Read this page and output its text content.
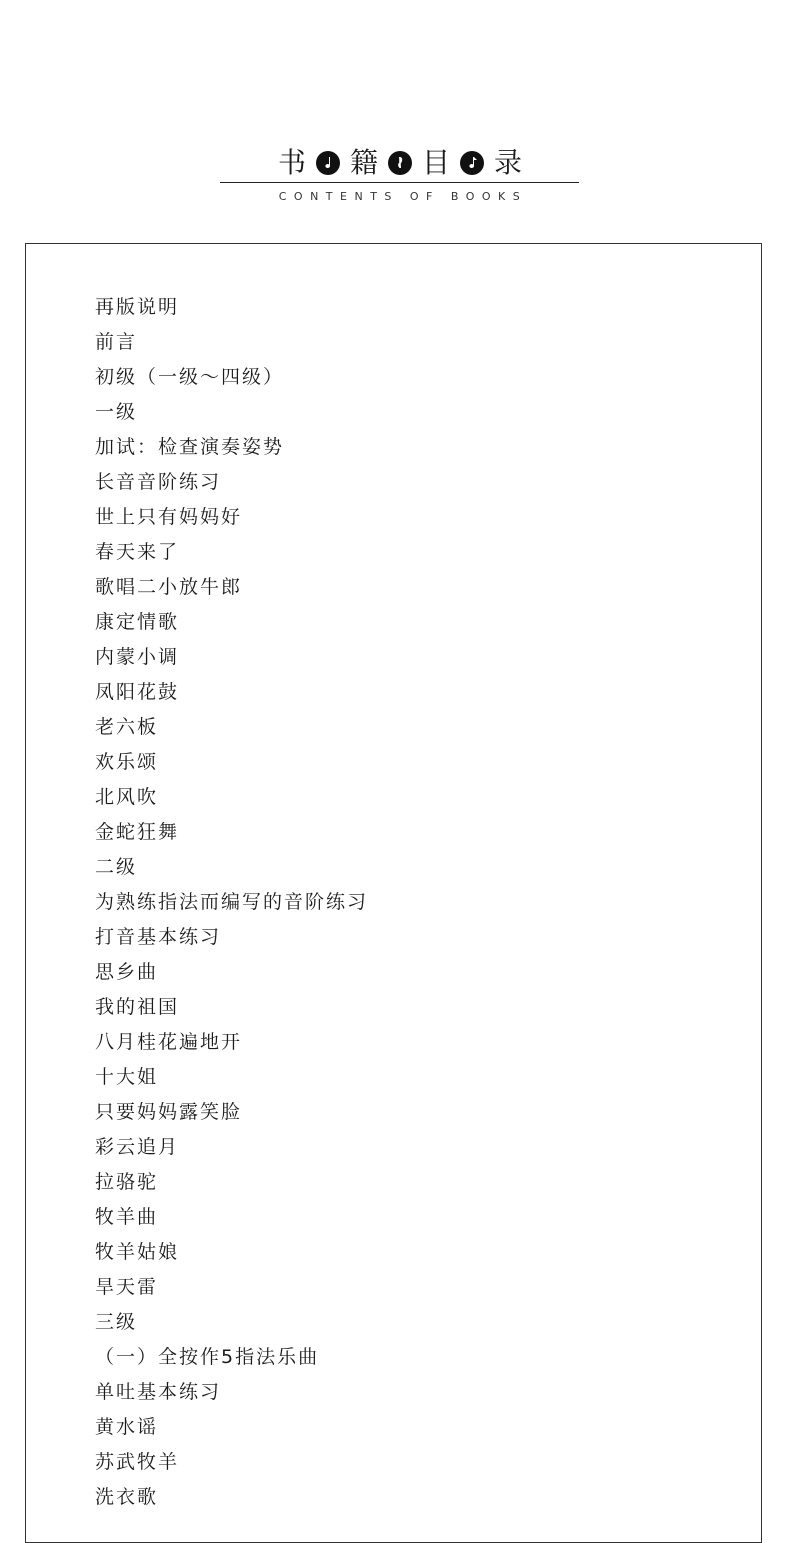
书 籍 目 录
CONTENTS OF BOOKS
再版说明
前言
初级（一级～四级）
一级
加试：检查演奏姿势
长音音阶练习
世上只有妈妈好
春天来了
歌唱二小放牛郎
康定情歌
内蒙小调
凤阳花鼓
老六板
欢乐颂
北风吹
金蛇狂舞
二级
为熟练指法而编写的音阶练习
打音基本练习
思乡曲
我的祖国
八月桂花遍地开
十大姐
只要妈妈露笑脸
彩云追月
拉骆驼
牧羊曲
牧羊姑娘
旱天雷
三级
（一）全按作5指法乐曲
单吐基本练习
黄水谣
苏武牧羊
洗衣歌
